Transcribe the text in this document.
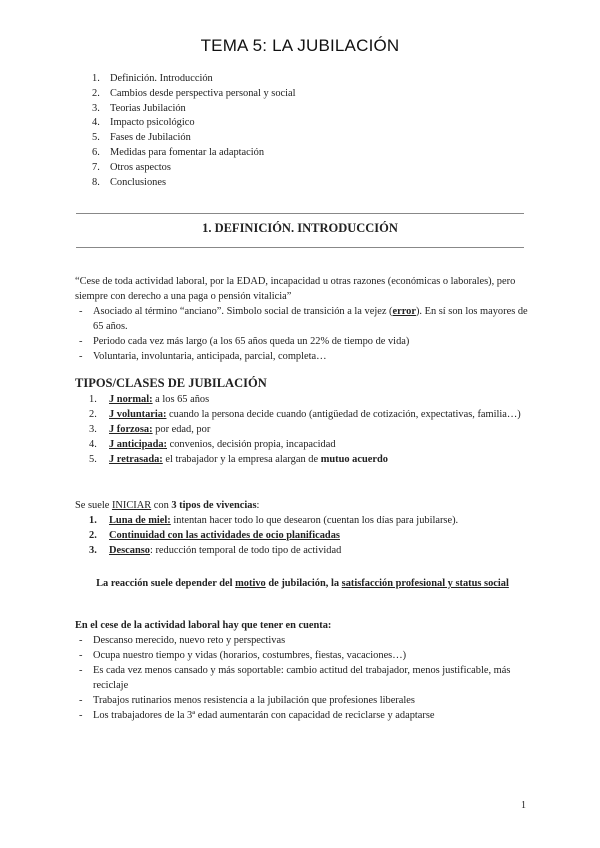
TEMA 5: LA JUBILACIÓN
1. Definición. Introducción
2. Cambios desde perspectiva personal y social
3. Teorias Jubilación
4. Impacto psicológico
5. Fases de Jubilación
6. Medidas para fomentar la adaptación
7. Otros aspectos
8. Conclusiones
1. DEFINICIÓN. INTRODUCCIÓN
“Cese de toda actividad laboral, por la EDAD, incapacidad u otras razones (económicas o laborales), pero siempre con derecho a una paga o pensión vitalicia”
- Asociado al término “anciano”. Simbolo social de transición a la vejez (error). En sí son los mayores de 65 años.
- Periodo cada vez más largo (a los 65 años queda un 22% de tiempo de vida)
- Voluntaria, involuntaria, anticipada, parcial, completa…
TIPOS/CLASES DE JUBILACIÓN
1. J normal: a los 65 años
2. J voluntaria: cuando la persona decide cuando (antigüedad de cotización, expectativas, familia…)
3. J forzosa: por edad, por
4. J anticipada: convenios, decisión propia, incapacidad
5. J retrasada: el trabajador y la empresa alargan de mutuo acuerdo
Se suele INICIAR con 3 tipos de vivencias:
1. Luna de miel: intentan hacer todo lo que desearon (cuentan los días para jubilarse).
2. Continuidad con las actividades de ocio planificadas
3. Descanso: reducción temporal de todo tipo de actividad
La reacción suele depender del motivo de jubilación, la satisfacción profesional y status social
En el cese de la actividad laboral hay que tener en cuenta:
- Descanso merecido, nuevo reto y perspectivas
- Ocupa nuestro tiempo y vidas (horarios, costumbres, fiestas, vacaciones…)
- Es cada vez menos cansado y más soportable: cambio actitud del trabajador, menos justificable, más reciclaje
- Trabajos rutinarios menos resistencia a la jubilación que profesiones liberales
- Los trabajadores de la 3ª edad aumentarán con capacidad de reciclarse y adaptarse
1
